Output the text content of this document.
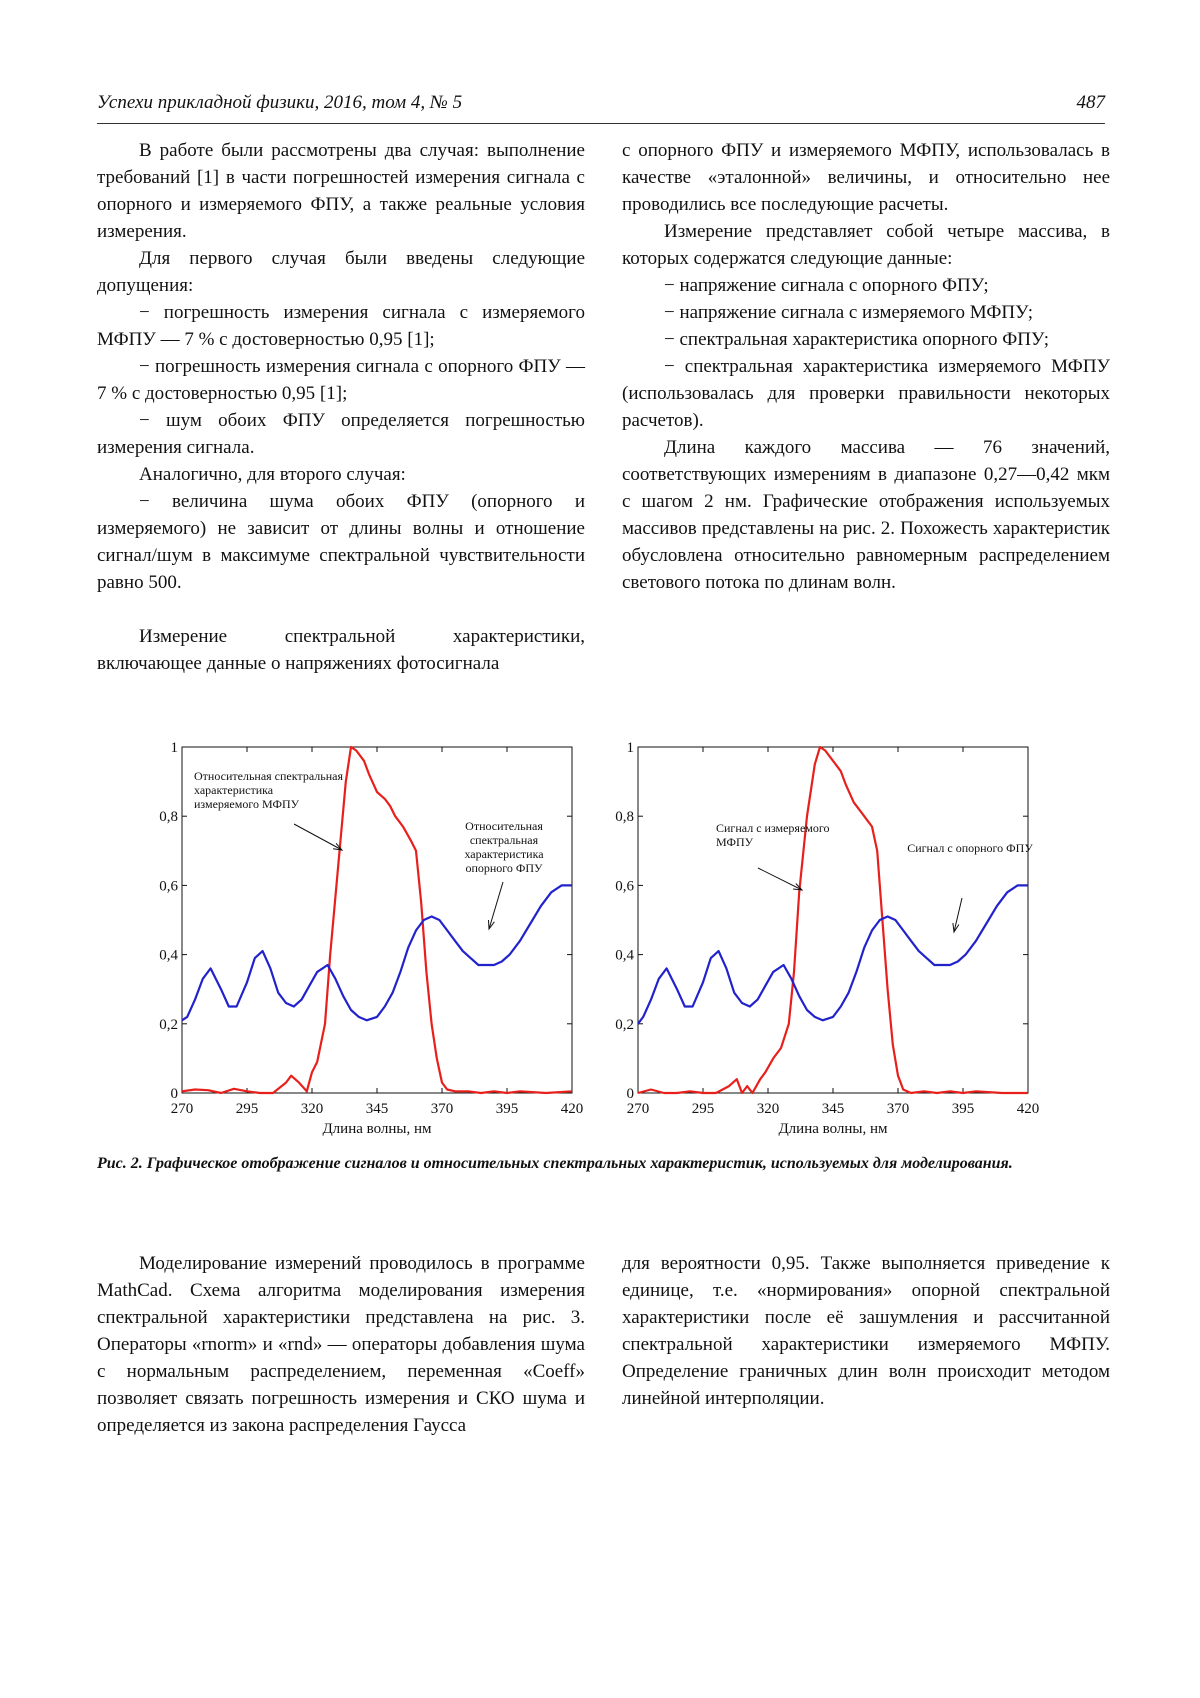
Успехи прикладной физики, 2016, том 4, № 5	487

В работе были рассмотрены два случая: выполнение требований [1] в части погрешностей измерения сигнала с опорного и измеряемого ФПУ, а также реальные условия измерения.

Для первого случая были введены следующие допущения:

− погрешность измерения сигнала с измеряемого МФПУ — 7 % с достоверностью 0,95 [1];

− погрешность измерения сигнала с опорного ФПУ — 7 % с достоверностью 0,95 [1];

− шум обоих ФПУ определяется погрешностью измерения сигнала.

Аналогично, для второго случая:

− величина шума обоих ФПУ (опорного и измеряемого) не зависит от длины волны и отношение сигнал/шум в максимуме спектральной чувствительности равно 500.

Измерение спектральной характеристики, включающее данные о напряжениях фотосигнала

с опорного ФПУ и измеряемого МФПУ, использовалась в качестве «эталонной» величины, и относительно нее проводились все последующие расчеты.

Измерение представляет собой четыре массива, в которых содержатся следующие данные:

− напряжение сигнала с опорного ФПУ;

− напряжение сигнала с измеряемого МФПУ;

− спектральная характеристика опорного ФПУ;

− спектральная характеристика измеряемого МФПУ (использовалась для проверки правильности некоторых расчетов).

Длина каждого массива — 76 значений, соответствующих измерениям в диапазоне 0,27—0,42 мкм с шагом 2 нм. Графические отображения используемых массивов представлены на рис. 2. Похожесть характеристик обусловлена относительно равномерным распределением светового потока по длинам волн.

270	295	320	345	370	395	420
0
0,2
0,4
0,6
0,8
1
Длина волны, нм
Относительная спектральная характеристика измеряемого МФПУ
Относительная спектральная характеристика опорного ФПУ
270	295	320	345	370	395	420
0
0,2
0,4
0,6
0,8
1
Длина волны, нм
Сигнал с измеряемого МФПУ	Сигнал с опорного ФПУ
Рис. 2. Графическое отображение сигналов и относительных спектральных характеристик, используемых для моделирования.

Моделирование измерений проводилось в программе MathCad. Схема алгоритма моделирования измерения спектральной характеристики представлена на рис. 3. Операторы «rnorm» и «rnd» — операторы добавления шума с нормальным распределением, переменная «Coeff» позволяет связать погрешность измерения и СКО шума и определяется из закона распределения Гаусса

для вероятности 0,95. Также выполняется приведение к единице, т.е. «нормирования» опорной спектральной характеристики после её зашумления и рассчитанной спектральной характеристики измеряемого МФПУ. Определение граничных длин волн происходит методом линейной интерполяции.
